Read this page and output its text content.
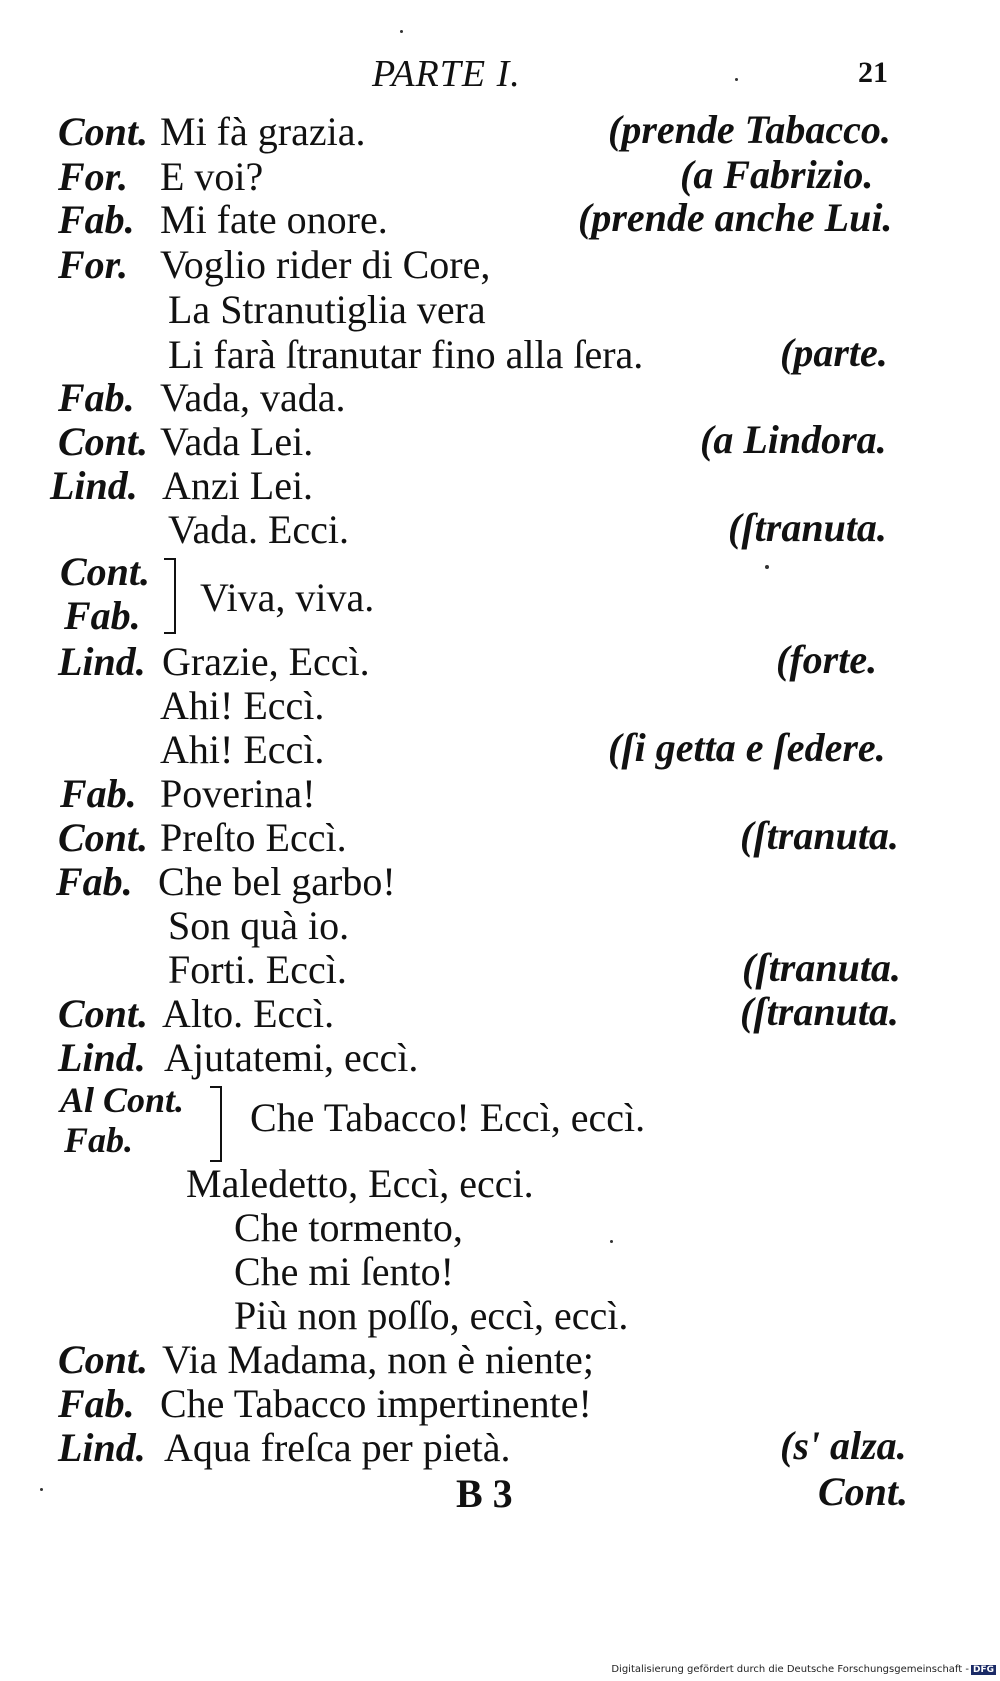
PARTE I.	21
Cont. Mi fà grazia.	(prende Tabacco.
For. E voi?	(a Fabrizio.
Fab. Mi fate onore.	(prende anche Lui.
For. Voglio rider di Core,
La Stranutiglia vera
Li farà ſtranutar fino alla ſera.	(parte.
Fab. Vada, vada.
Cont. Vada Lei.	(a Lindora.
Lind. Anzi Lei.
Vada. Ecci.	(ſtranuta.
Cont.
Fab. Viva, viva.
Lind. Grazie, Eccì.	(forte.
Ahi! Eccì.
Ahi! Eccì.	(ſi getta e ſedere.
Fab. Poverina!
Cont. Preſto Eccì.	(ſtranuta.
Fab. Che bel garbo!
Son quà io.
Forti. Eccì.	(ſtranuta.
Cont. Alto. Eccì.	(ſtranuta.
Lind. Ajutatemi, eccì.
Al Cont.
Fab.	Che Tabacco! Eccì, eccì.
Maledetto, Eccì, ecci.
Che tormento,
Che mi ſento!
Più non poſſo, eccì, eccì.
Cont. Via Madama, non è niente;
Fab. Che Tabacco impertinente!
Lind. Aqua freſca per pietà.	(s' alza.
B 3	Cont.
Digitalisierung gefördert durch die Deutsche Forschungsgemeinschaft - DFG
